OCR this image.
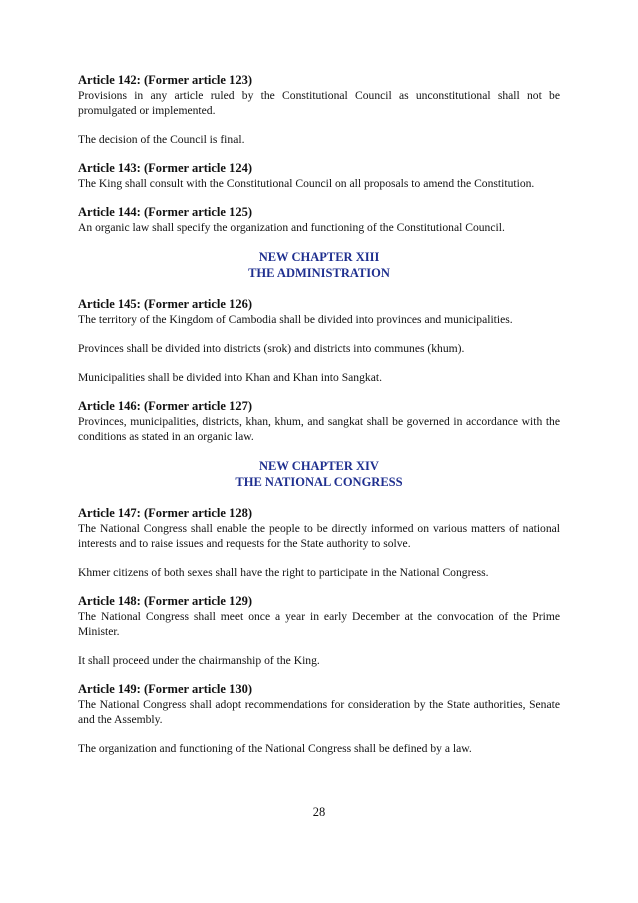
Article 142: (Former article 123)

Provisions in any article ruled by the Constitutional Council as unconstitutional shall not be promulgated or implemented.

The decision of the Council is final.

Article 143: (Former article 124)

The King shall consult with the Constitutional Council on all proposals to amend the Constitution.

Article 144: (Former article 125)

An organic law shall specify the organization and functioning of the Constitutional Council.

NEW CHAPTER XIII
THE ADMINISTRATION

Article 145: (Former article 126)

The territory of the Kingdom of Cambodia shall be divided into provinces and municipalities.

Provinces shall be divided into districts (srok) and districts into communes (khum).

Municipalities shall be divided into Khan and Khan into Sangkat.

Article 146: (Former article 127)

Provinces, municipalities, districts, khan, khum, and sangkat shall be governed in accordance with the conditions as stated in an organic law.

NEW CHAPTER XIV
THE NATIONAL CONGRESS

Article 147: (Former article 128)

The National Congress shall enable the people to be directly informed on various matters of national interests and to raise issues and requests for the State authority to solve.

Khmer citizens of both sexes shall have the right to participate in the National Congress.

Article 148: (Former article 129)

The National Congress shall meet once a year in early December at the convocation of the Prime Minister.

It shall proceed under the chairmanship of the King.

Article 149: (Former article 130)

The National Congress shall adopt recommendations for consideration by the State authorities, Senate and the Assembly.

The organization and functioning of the National Congress shall be defined by a law.

28
